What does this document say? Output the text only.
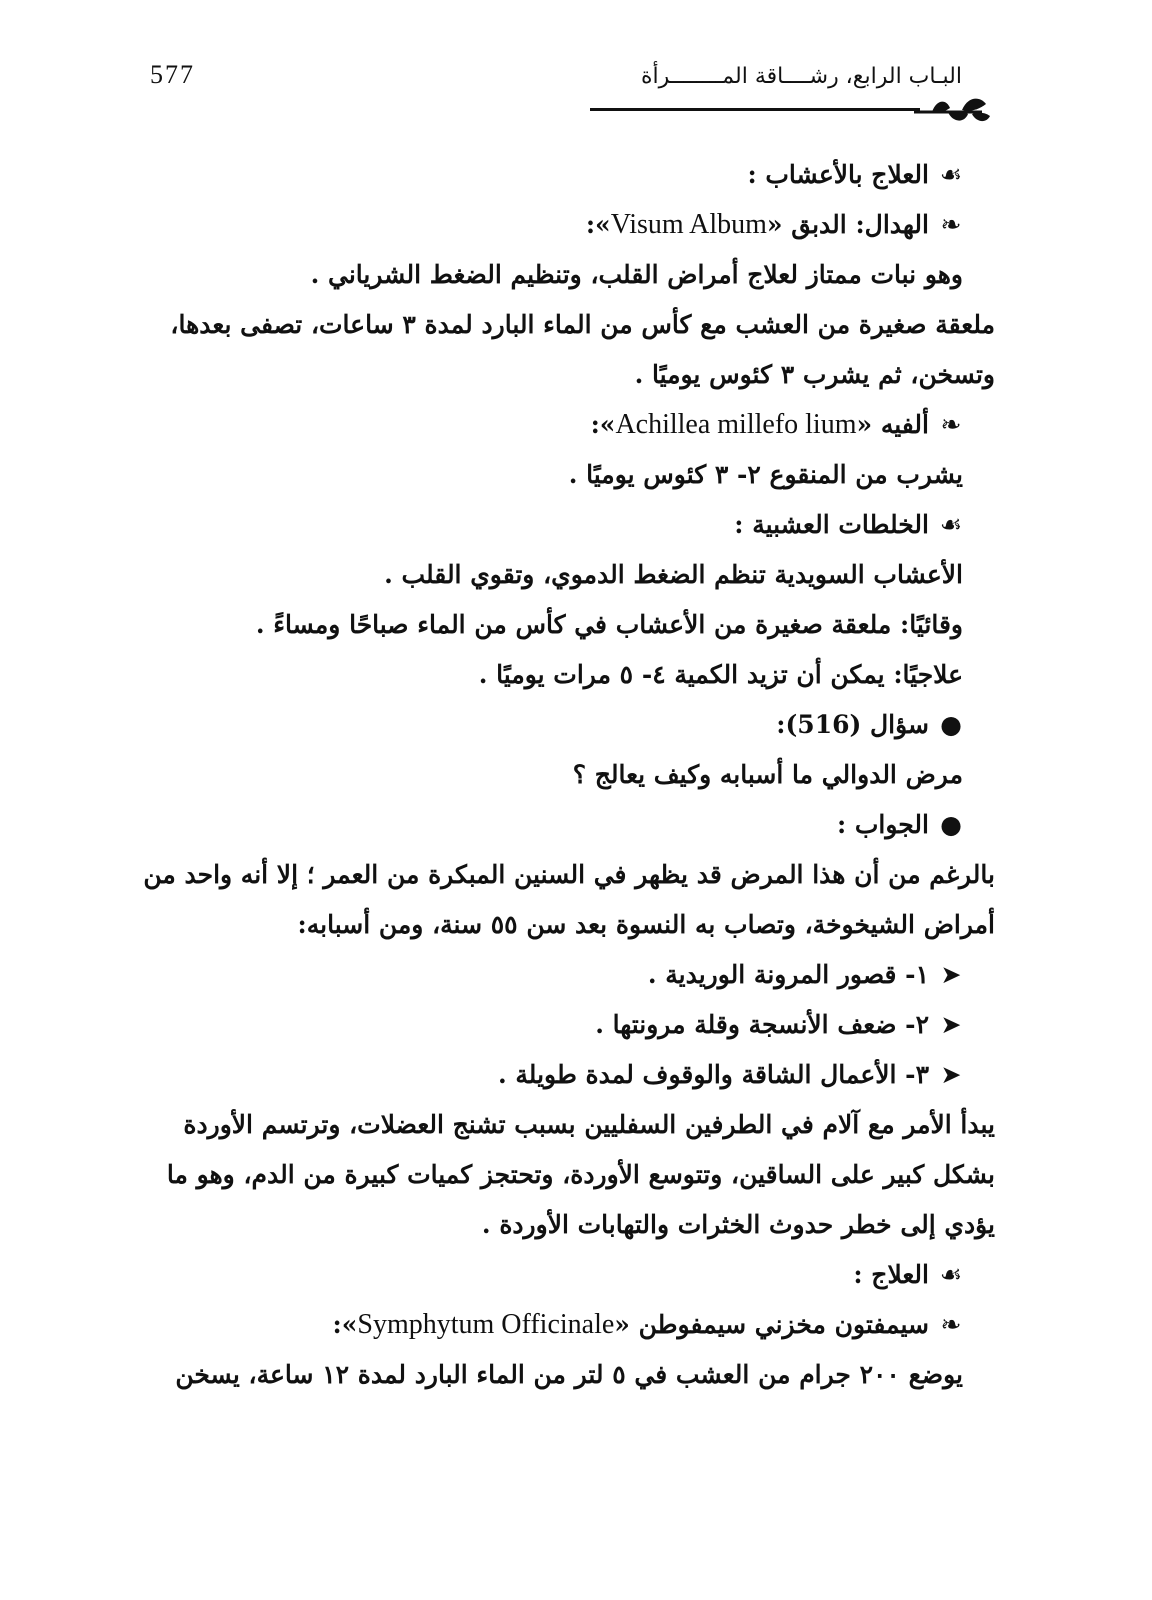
577	البـاب الرابع، رشــــاقة المــــــــرأة
☙العلاج بالأعشاب :
❧الهدال: الدبق «Visum Album»:
وهو نبات ممتاز لعلاج أمراض القلب، وتنظيم الضغط الشرياني .
ملعقة صغيرة من العشب مع كأس من الماء البارد لمدة ٣ ساعات، تصفى بعدها، وتسخن، ثم يشرب ٣ كئوس يوميًا .
❧ألفيه «Achillea millefo lium»:
يشرب من المنقوع ٢- ٣ كئوس يوميًا .
☙الخلطات العشبية :
الأعشاب السويدية تنظم الضغط الدموي، وتقوي القلب .
وقائيًا: ملعقة صغيرة من الأعشاب في كأس من الماء صباحًا ومساءً .
علاجيًا: يمكن أن تزيد الكمية ٤- ٥ مرات يوميًا .
●سؤال (516):
مرض الدوالي ما أسبابه وكيف يعالج ؟
●الجواب :
بالرغم من أن هذا المرض قد يظهر في السنين المبكرة من العمر ؛ إلا أنه واحد من أمراض الشيخوخة، وتصاب به النسوة بعد سن ٥٥ سنة، ومن أسبابه:
➤١- قصور المرونة الوريدية .
➤٢- ضعف الأنسجة وقلة مرونتها .
➤٣- الأعمال الشاقة والوقوف لمدة طويلة .
يبدأ الأمر مع آلام في الطرفين السفليين بسبب تشنج العضلات، وترتسم الأوردة بشكل كبير على الساقين، وتتوسع الأوردة، وتحتجز كميات كبيرة من الدم، وهو ما يؤدي إلى خطر حدوث الخثرات والتهابات الأوردة .
☙العلاج :
❧سيمفتون مخزني سيمفوطن «Symphytum Officinale»:
يوضع ٢٠٠ جرام من العشب في ٥ لتر من الماء البارد لمدة ١٢ ساعة، يسخن
